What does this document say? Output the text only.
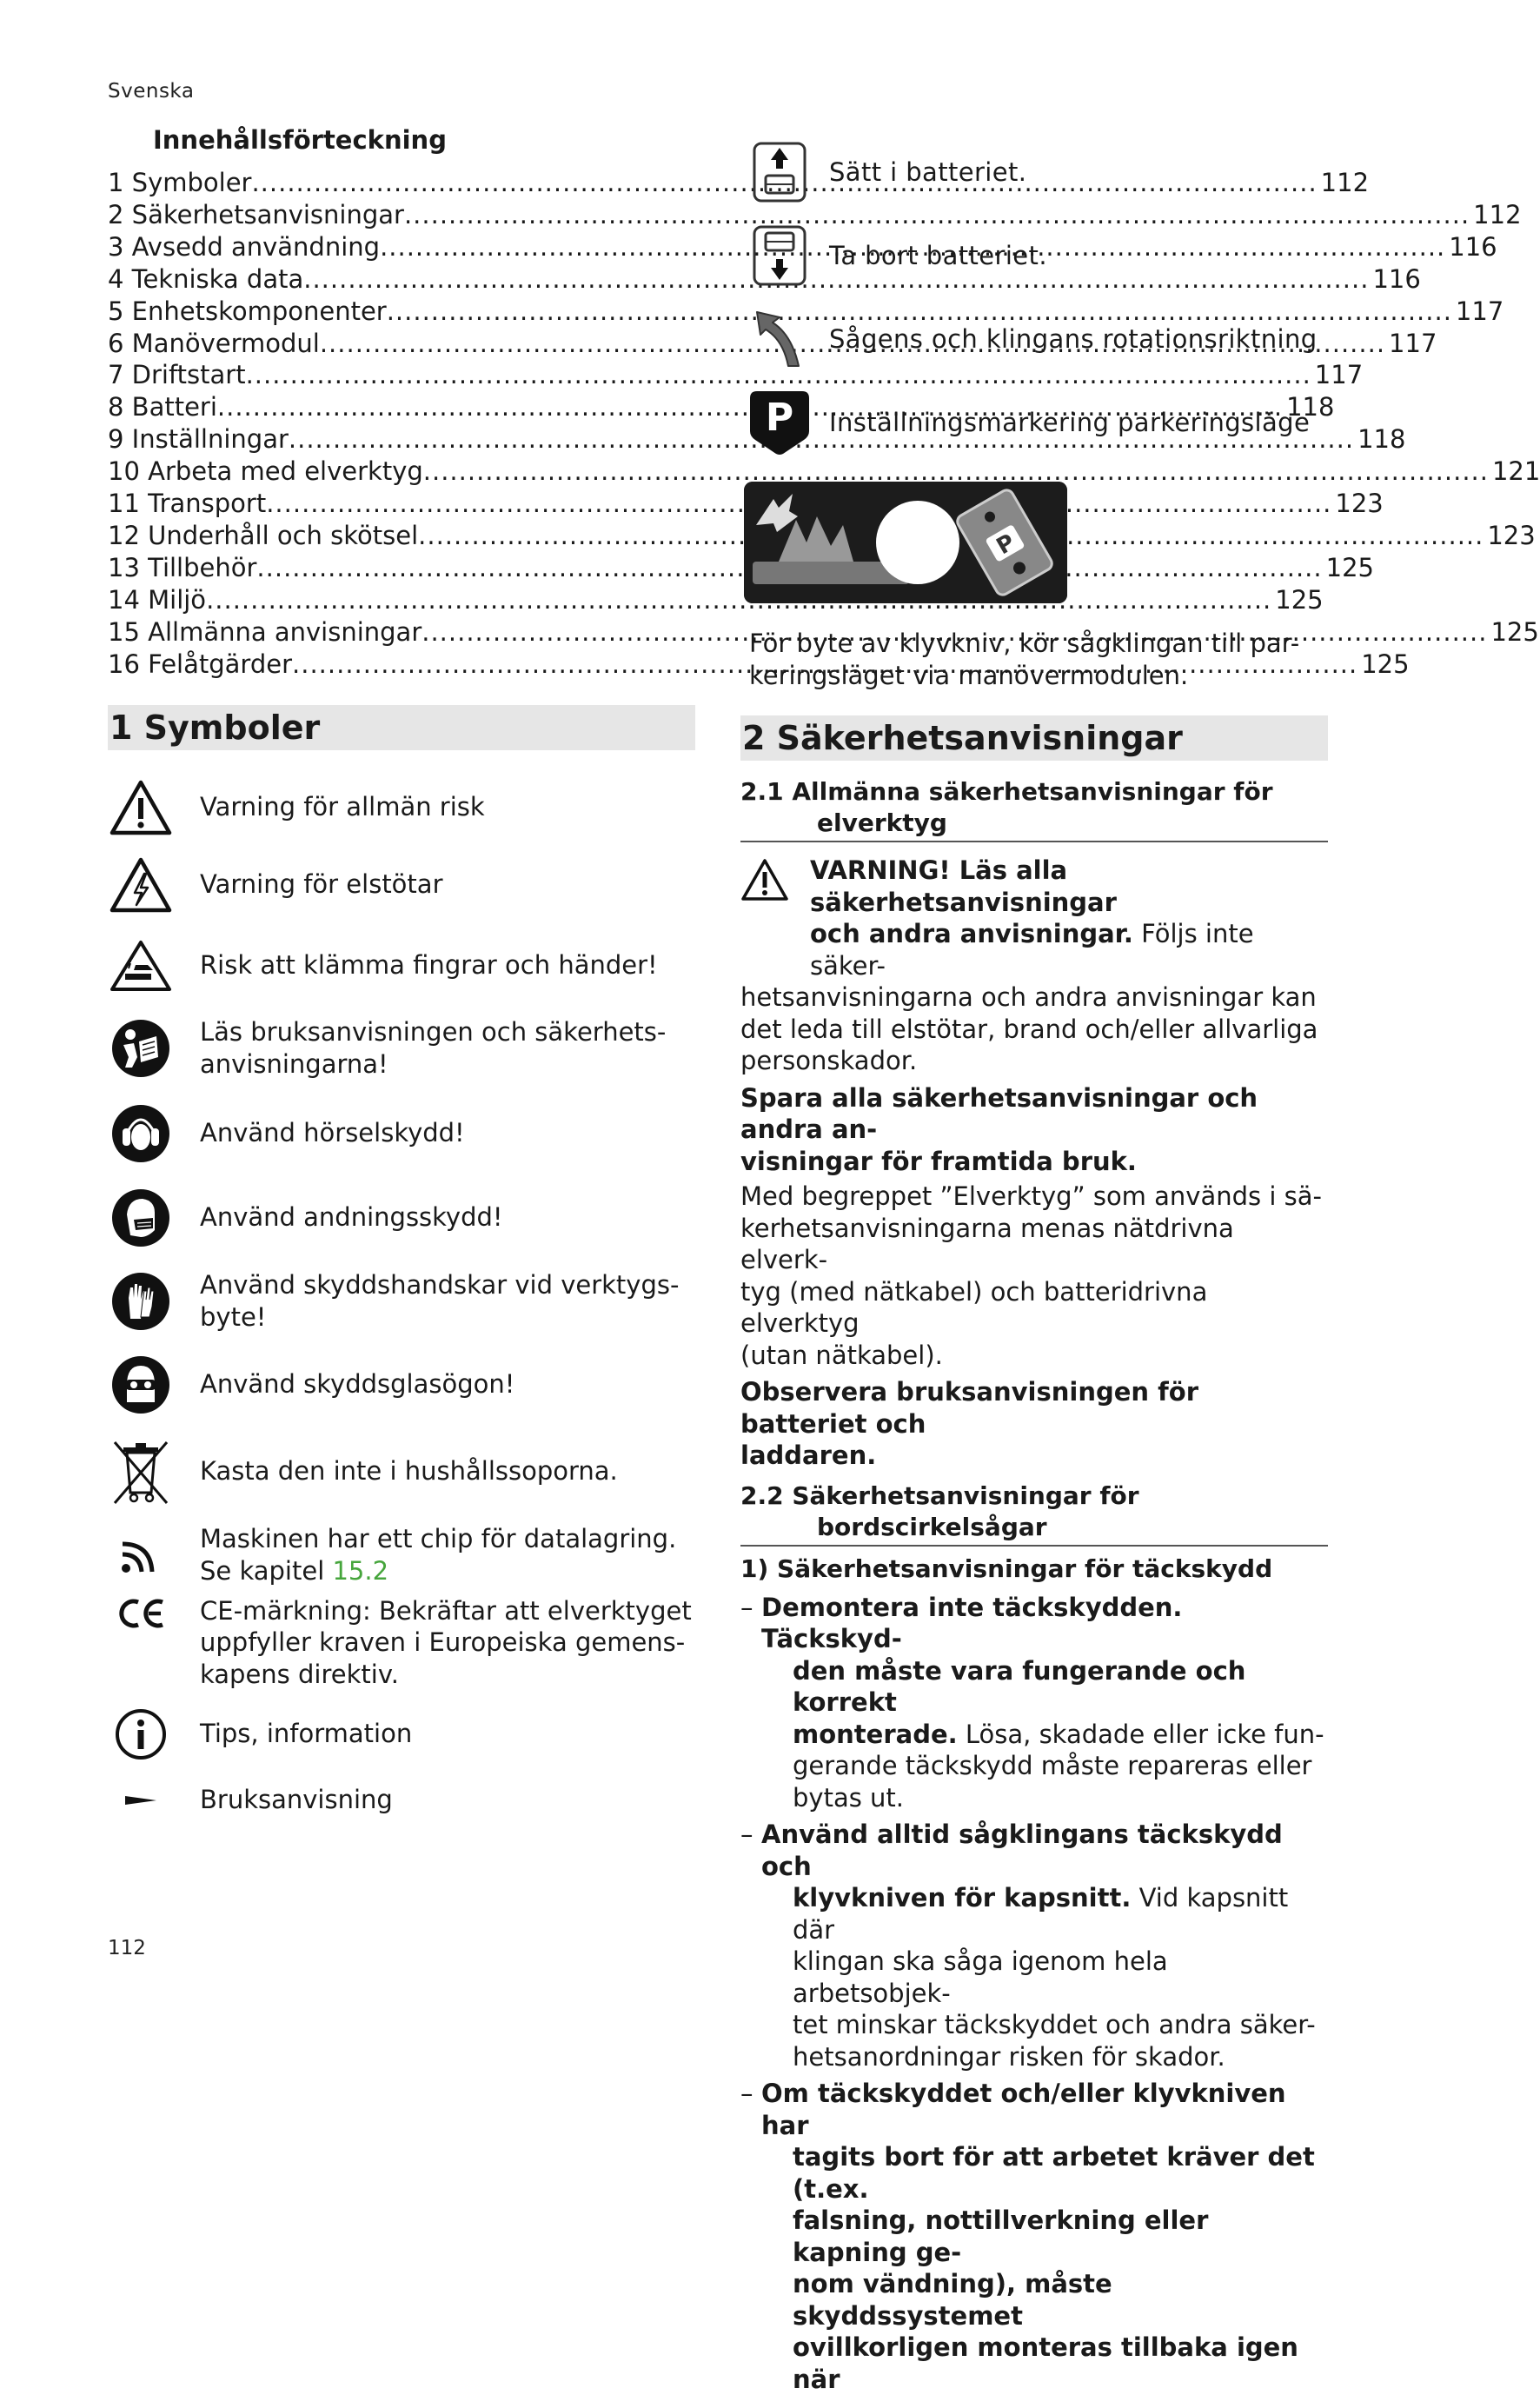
Svenska
Innehållsförteckning
1 Symboler .....	112
2 Säkerhetsanvisningar .....	112
3 Avsedd användning .....	116
4 Tekniska data .....	116
5 Enhetskomponenter .....	117
6 Manövermodul .....	117
7 Driftstart .....	117
8 Batteri .....	118
9 Inställningar .....	118
10 Arbeta med elverktyg .....	121
11 Transport .....	123
12 Underhåll och skötsel .....	123
13 Tillbehör .....	125
14 Miljö .....	125
15 Allmänna anvisningar .....	125
16 Felåtgärder .....	125
1 Symboler
Varning för allmän risk
Varning för elstötar
Risk att klämma fingrar och händer!
Läs bruksanvisningen och säkerhets-
anvisningarna!
Använd hörselskydd!
Använd andningsskydd!
Använd skyddshandskar vid verktygs-
byte!
Använd skyddsglasögon!
Kasta den inte i hushållssoporna.
Maskinen har ett chip för datalagring.
Se kapitel 15.2
CE-märkning: Bekräftar att elverktyget
uppfyller kraven i Europeiska gemens-
kapens direktiv.
Tips, information
Bruksanvisning
Sätt i batteriet.
Ta bort batteriet.
Sågens och klingans rotationsriktning
P Inställningsmarkering parkeringsläge
P
För byte av klyvkniv, kör sågklingan till par-
keringsläget via manövermodulen.
2 Säkerhetsanvisningar
2.1 Allmänna säkerhetsanvisningar för
elverktyg
VARNING! Läs alla säkerhetsanvisningar
och andra anvisningar. Följs inte säker-
hetsanvisningarna och andra anvisningar kan
det leda till elstötar, brand och/eller allvarliga
personskador.
Spara alla säkerhetsanvisningar och andra an-
visningar för framtida bruk.
Med begreppet ”Elverktyg” som används i sä-
kerhetsanvisningarna menas nätdrivna elverk-
tyg (med nätkabel) och batteridrivna elverktyg
(utan nätkabel).
Observera bruksanvisningen för batteriet och
laddaren.
2.2 Säkerhetsanvisningar för
bordscirkelsågar
1) Säkerhetsanvisningar för täckskydd
– Demontera inte täckskydden. Täckskyd-
den måste vara fungerande och korrekt
monterade. Lösa, skadade eller icke fun-
gerande täckskydd måste repareras eller
bytas ut.
– Använd alltid sågklingans täckskydd och
klyvkniven för kapsnitt. Vid kapsnitt där
klingan ska såga igenom hela arbetsobjek-
tet minskar täckskyddet och andra säker-
hetsanordningar risken för skador.
– Om täckskyddet och/eller klyvkniven har
tagits bort för att arbetet kräver det (t.ex.
falsning, nottillverkning eller kapning ge-
nom vändning), måste skyddssystemet
ovillkorligen monteras tillbaka igen när
112
